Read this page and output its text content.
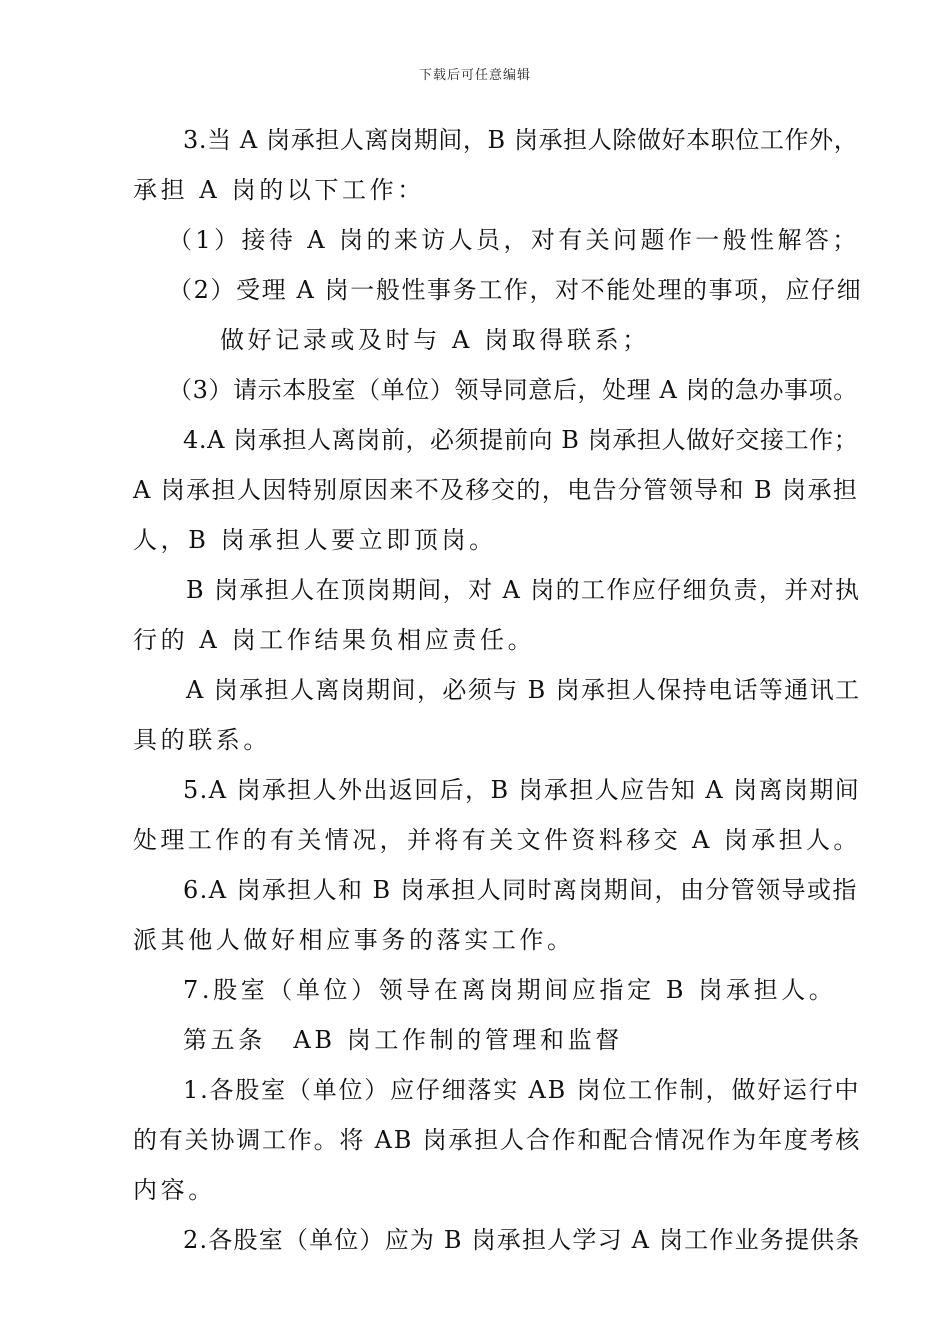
下载后可任意编辑
3.当 A 岗承担人离岗期间，B 岗承担人除做好本职位工作外，
承担 A 岗的以下工作：
（1）接待 A 岗的来访人员，对有关问题作一般性解答；
（2）受理 A 岗一般性事务工作，对不能处理的事项，应仔细
做好记录或及时与 A 岗取得联系；
（3）请示本股室（单位）领导同意后，处理 A 岗的急办事项。
4.A 岗承担人离岗前，必须提前向 B 岗承担人做好交接工作；
A 岗承担人因特别原因来不及移交的，电告分管领导和 B 岗承担
人，B 岗承担人要立即顶岗。
B 岗承担人在顶岗期间，对 A 岗的工作应仔细负责，并对执
行的 A 岗工作结果负相应责任。
A 岗承担人离岗期间，必须与 B 岗承担人保持电话等通讯工
具的联系。
5.A 岗承担人外出返回后，B 岗承担人应告知 A 岗离岗期间
处理工作的有关情况，并将有关文件资料移交 A 岗承担人。
6.A 岗承担人和 B 岗承担人同时离岗期间，由分管领导或指
派其他人做好相应事务的落实工作。
7.股室（单位）领导在离岗期间应指定 B 岗承担人。
第五条　AB 岗工作制的管理和监督
1.各股室（单位）应仔细落实 AB 岗位工作制，做好运行中
的有关协调工作。将 AB 岗承担人合作和配合情况作为年度考核
内容。
2.各股室（单位）应为 B 岗承担人学习 A 岗工作业务提供条
